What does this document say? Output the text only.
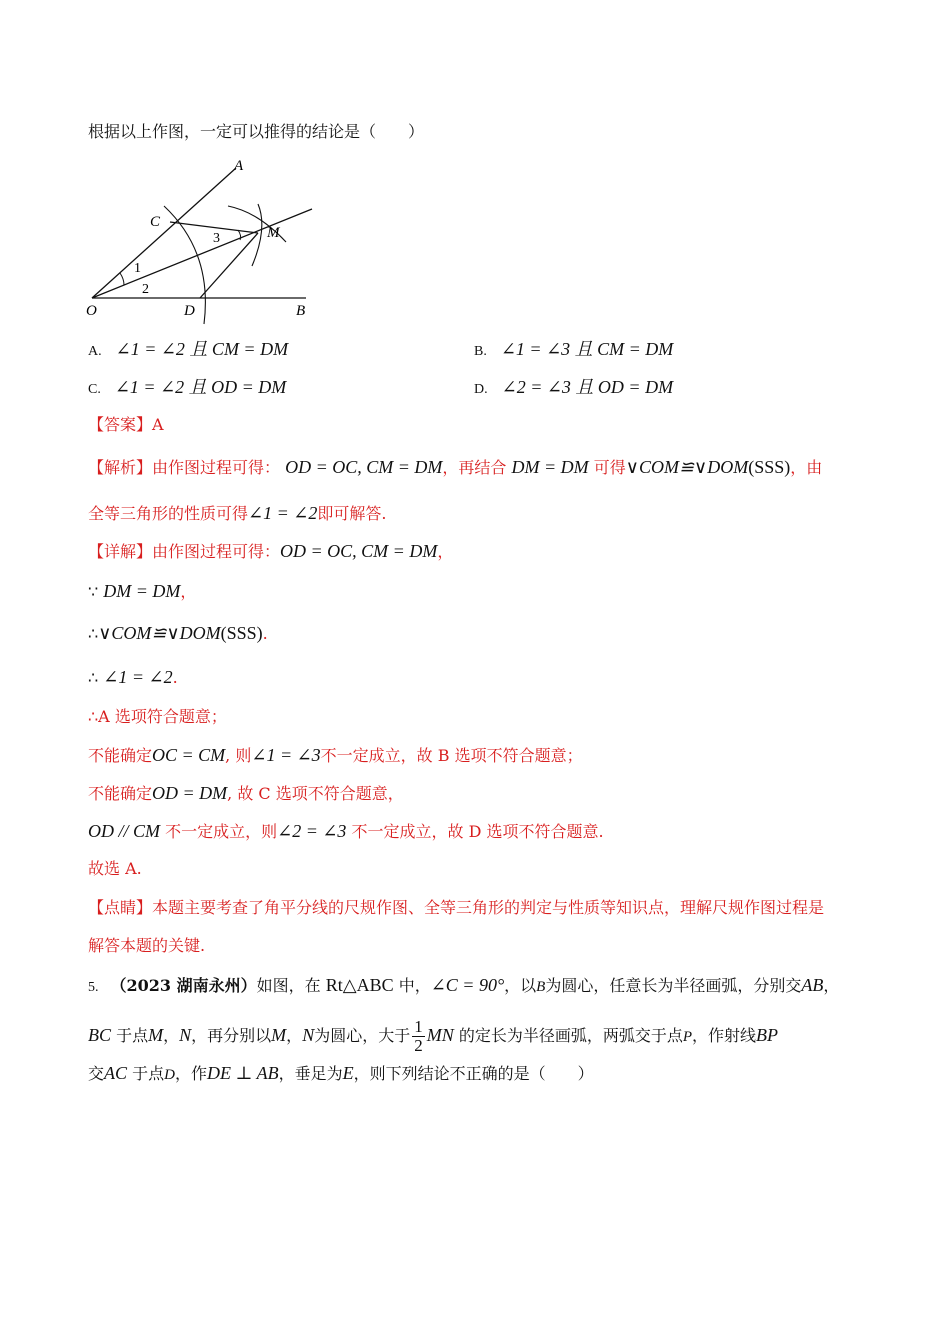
根据以上作图，一定可以推得的结论是（　　）
A
C
M
O	D	B
1
2
3
A. ∠1 = ∠2 且 CM = DM	B. ∠1 = ∠3 且 CM = DM
C. ∠1 = ∠2 且 OD = DM	D. ∠2 = ∠3 且 OD = DM
【答案】A
【解析】由作图过程可得： OD = OC, CM = DM，再结合 DM = DM 可得∨COM≌∨DOM(SSS)，由
全等三角形的性质可得∠1 = ∠2即可解答.
【详解】由作图过程可得：OD = OC, CM = DM，
∵ DM = DM，
∴∨COM≌∨DOM(SSS).
∴ ∠1 = ∠2.
∴A 选项符合题意；
不能确定OC = CM, 则∠1 = ∠3不一定成立，故 B 选项不符合题意；
不能确定OD = DM, 故 C 选项不符合题意，
OD // CM 不一定成立，则∠2 = ∠3 不一定成立，故 D 选项不符合题意.
故选 A.
【点睛】本题主要考查了角平分线的尺规作图、全等三角形的判定与性质等知识点，理解尺规作图过程是
解答本题的关键.
5. （2023 湖南永州）如图，在 Rt△ABC 中，∠C = 90°，以B为圆心，任意长为半径画弧，分别交AB，
BC 于点M，N，再分别以M，N为圆心，大于 $\frac{1}{2}$ MN 的定长为半径画弧，两弧交于点P，作射线BP
交AC 于点D，作DE ⊥ AB，垂足为E，则下列结论不正确的是（　　）
